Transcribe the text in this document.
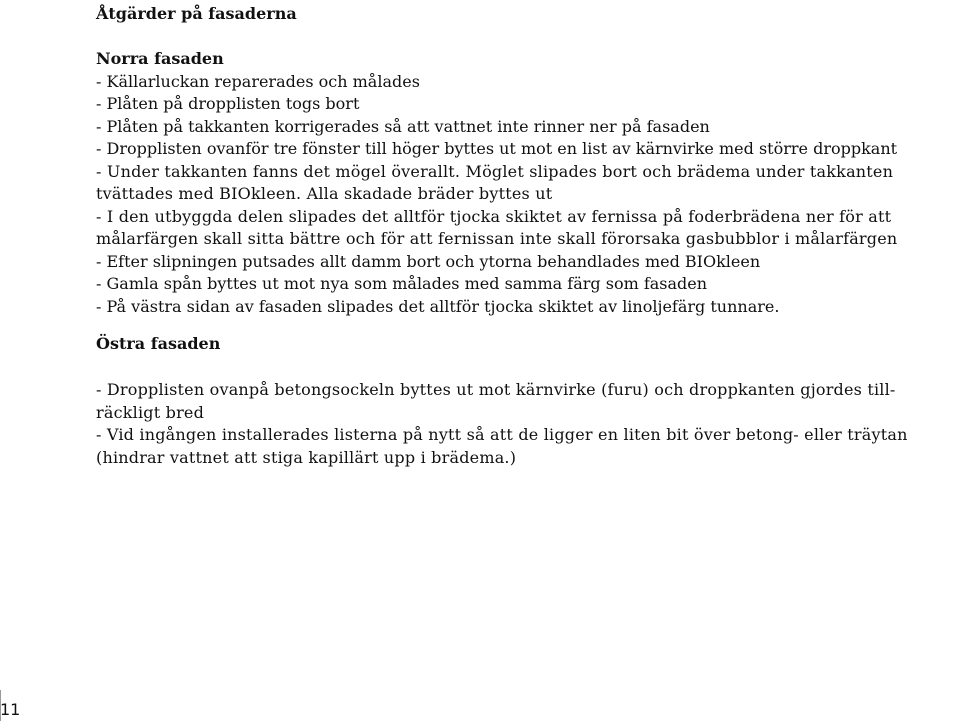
Åtgärder på fasaderna
Norra fasaden

- Källarluckan reparerades och målades

- Plåten på dropplisten togs bort

- Plåten på takkanten korrigerades så att vattnet inte rinner ner på fasaden

- Dropplisten ovanför tre fönster till höger byttes ut mot en list av kärnvirke med större droppkant

- Under takkanten fanns det mögel överallt. Möglet slipades bort och brädema under takkanten tvättades med BIOkleen. Alla skadade bräder byttes ut

- I den utbyggda delen slipades det alltför tjocka skiktet av fernissa på foderbrädena ner för att målarfärgen skall sitta bättre och för att fernissan inte skall förorsaka gasbubblor i målarfärgen

- Efter slipningen putsades allt damm bort och ytorna behandlades med BIOkleen

- Gamla spån byttes ut mot nya som målades med samma färg som fasaden

- På västra sidan av fasaden slipades det alltför tjocka skiktet av linoljefärg tunnare.

Östra fasaden

- Dropplisten ovanpå betongsockeln byttes ut mot kärnvirke (furu) och droppkanten gjordes till-räckligt bred

- Vid ingången installerades listerna på nytt så att de ligger en liten bit över betong- eller träytan (hindrar vattnet att stiga kapillärt upp i brädema.)

11
